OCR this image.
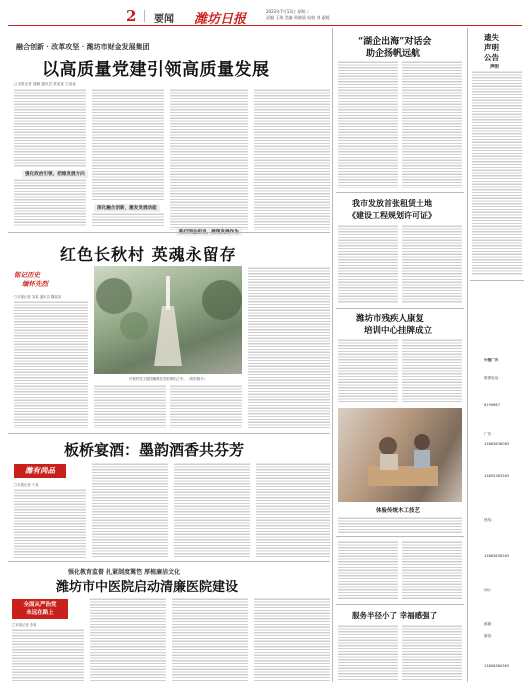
2 要闻 潍坊日报
2023年7月13日 星期二
责编 王琦 美编 邢晓丽 检校 刘 淑媛
融合创新 · 改革攻坚 · 潍坊市财金发展集团
以高质量党建引领高质量发展
□本报记者 聂鹏 通讯员 张某某 王某某
强化政治引领，把稳发展方向
深化融合创新，激发发展动能
红色长秋村 英魂永留存
铭记历史
缅怀先烈
□本报记者 刘某 通讯员 魏某某
长秋村烈士陵园掩映在苍松翠柏之中。（资料图片）
板桥宴酒：墨韵酒香共芬芳
潍有尚品
□本报记者 于某
强化教育监督 扎紧制度篱笆 厚植廉洁文化
潍坊市中医院启动清廉医院建设
全面从严治党
永远在路上
□本报记者 李某
“湖企出海”对话会
助企扬帆远航
我市发放首张租赁土地
《建设工程规划许可证》
潍坊市残疾人康复
培训中心挂牌成立
体验传统木工技艺
服务半径小了 幸福感强了
遗失
声明
公告
声明
中缝广告
联系电话：
8199667
广告：
13863636063
13805363363
热线：
13863636363
QQ:
邮箱：
微信：
13806360363
